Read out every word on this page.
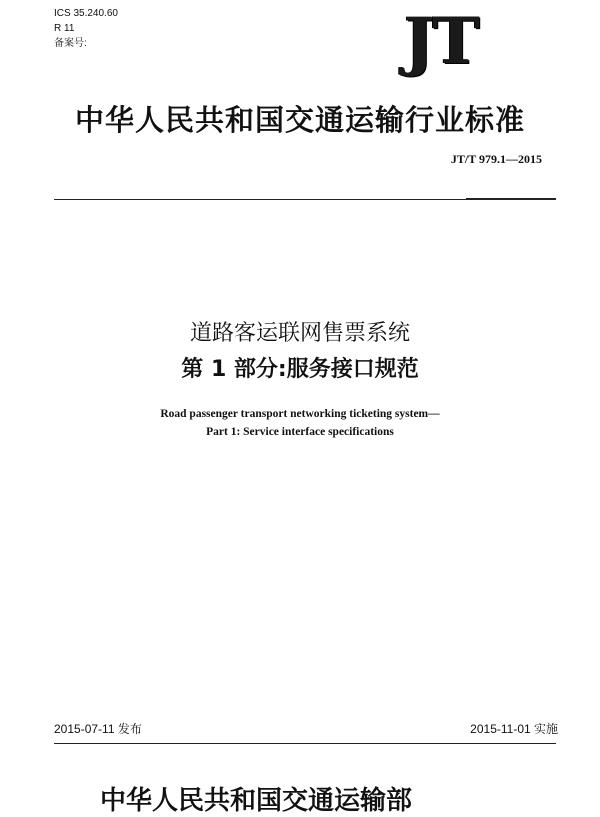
ICS 35.240.60
R 11
备案号:	JT
中华人民共和国交通运输行业标准
JT/T 979.1—2015
道路客运联网售票系统
第 1 部分:服务接口规范
Road passenger transport networking ticketing system—
Part 1: Service interface specifications
2015-07-11 发布	2015-11-01 实施
中华人民共和国交通运输部
